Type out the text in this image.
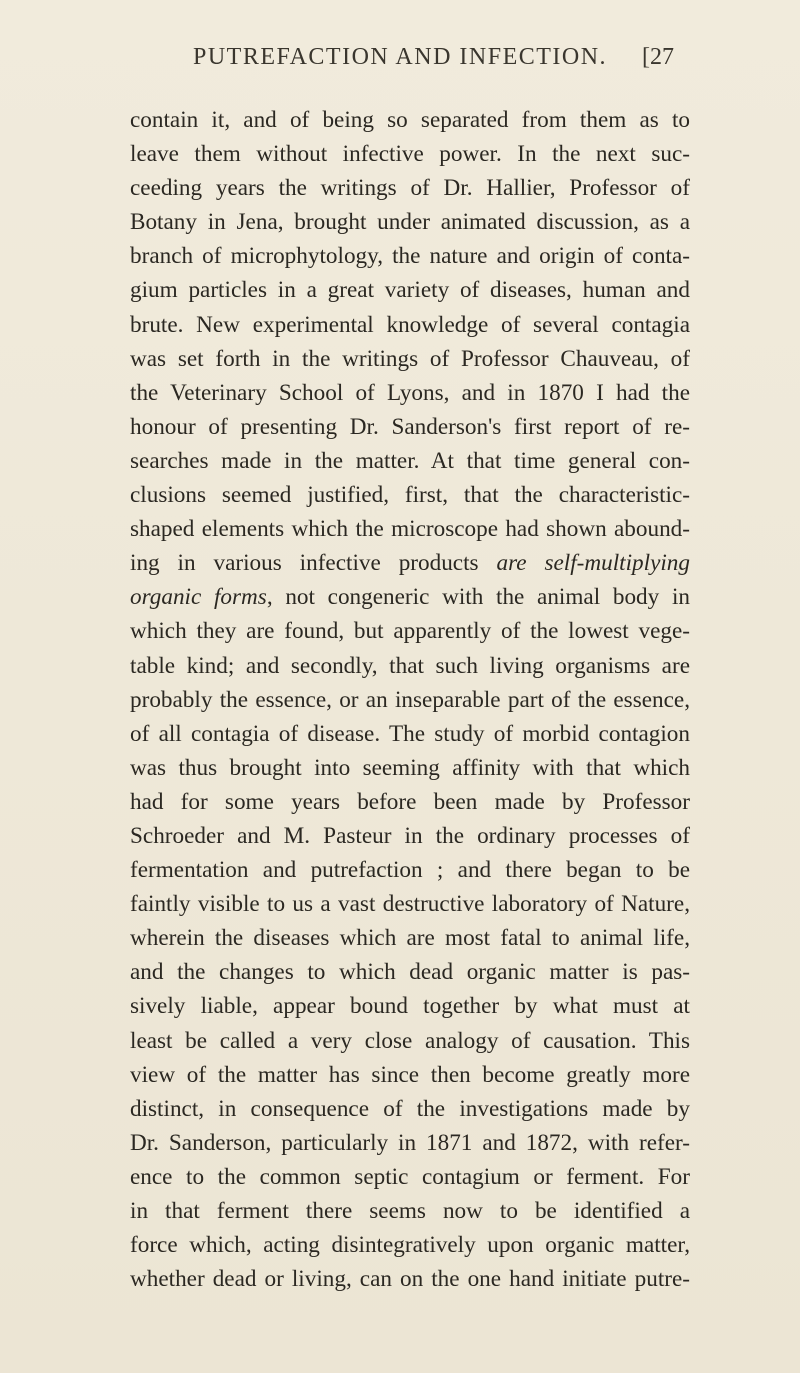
PUTREFACTION AND INFECTION. [27
contain it, and of being so separated from them as to
leave them without infective power. In the next suc-
ceeding years the writings of Dr. Hallier, Professor of
Botany in Jena, brought under animated discussion, as a
branch of microphytology, the nature and origin of conta-
gium particles in a great variety of diseases, human and
brute. New experimental knowledge of several contagia
was set forth in the writings of Professor Chauveau, of
the Veterinary School of Lyons, and in 1870 I had the
honour of presenting Dr. Sanderson's first report of re-
searches made in the matter. At that time general con-
clusions seemed justified, first, that the characteristic-
shaped elements which the microscope had shown abound-
ing in various infective products are self-multiplying
organic forms, not congeneric with the animal body in
which they are found, but apparently of the lowest vege-
table kind; and secondly, that such living organisms are
probably the essence, or an inseparable part of the essence,
of all contagia of disease. The study of morbid contagion
was thus brought into seeming affinity with that which
had for some years before been made by Professor
Schroeder and M. Pasteur in the ordinary processes of
fermentation and putrefaction ; and there began to be
faintly visible to us a vast destructive laboratory of Nature,
wherein the diseases which are most fatal to animal life,
and the changes to which dead organic matter is pas-
sively liable, appear bound together by what must at
least be called a very close analogy of causation. This
view of the matter has since then become greatly more
distinct, in consequence of the investigations made by
Dr. Sanderson, particularly in 1871 and 1872, with refer-
ence to the common septic contagium or ferment. For
in that ferment there seems now to be identified a
force which, acting disintegratively upon organic matter,
whether dead or living, can on the one hand initiate putre-
